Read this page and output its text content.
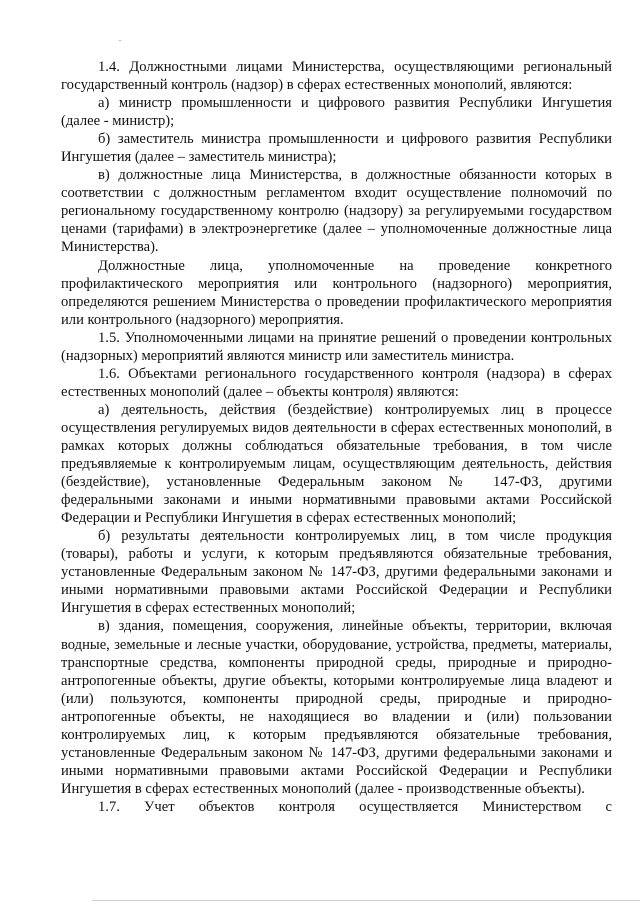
1.4. Должностными лицами Министерства, осуществляющими региональный государственный контроль (надзор) в сферах естественных монополий, являются:

а) министр промышленности и цифрового развития Республики Ингушетия (далее - министр);

б) заместитель министра промышленности и цифрового развития Республики Ингушетия (далее – заместитель министра);

в) должностные лица Министерства, в должностные обязанности которых в соответствии с должностным регламентом входит осуществление полномочий по региональному государственному контролю (надзору) за регулируемыми государством ценами (тарифами) в электроэнергетике (далее – уполномоченные должностные лица Министерства).

Должностные лица, уполномоченные на проведение конкретного профилактического мероприятия или контрольного (надзорного) мероприятия, определяются решением Министерства о проведении профилактического мероприятия или контрольного (надзорного) мероприятия.

1.5. Уполномоченными лицами на принятие решений о проведении контрольных (надзорных) мероприятий являются министр или заместитель министра.

1.6. Объектами регионального государственного контроля (надзора) в сферах естественных монополий (далее – объекты контроля) являются:

а) деятельность, действия (бездействие) контролируемых лиц в процессе осуществления регулируемых видов деятельности в сферах естественных монополий, в рамках которых должны соблюдаться обязательные требования, в том числе предъявляемые к контролируемым лицам, осуществляющим деятельность, действия (бездействие), установленные Федеральным законом № 147-ФЗ, другими федеральными законами и иными нормативными правовыми актами Российской Федерации и Республики Ингушетия в сферах естественных монополий;

б) результаты деятельности контролируемых лиц, в том числе продукция (товары), работы и услуги, к которым предъявляются обязательные требования, установленные Федеральным законом № 147-ФЗ, другими федеральными законами и иными нормативными правовыми актами Российской Федерации и Республики Ингушетия в сферах естественных монополий;

в) здания, помещения, сооружения, линейные объекты, территории, включая водные, земельные и лесные участки, оборудование, устройства, предметы, материалы, транспортные средства, компоненты природной среды, природные и природно-антропогенные объекты, другие объекты, которыми контролируемые лица владеют и (или) пользуются, компоненты природной среды, природные и природно-антропогенные объекты, не находящиеся во владении и (или) пользовании контролируемых лиц, к которым предъявляются обязательные требования, установленные Федеральным законом № 147-ФЗ, другими федеральными законами и иными нормативными правовыми актами Российской Федерации и Республики Ингушетия в сферах естественных монополий (далее - производственные объекты).

1.7. Учет объектов контроля осуществляется Министерством с
